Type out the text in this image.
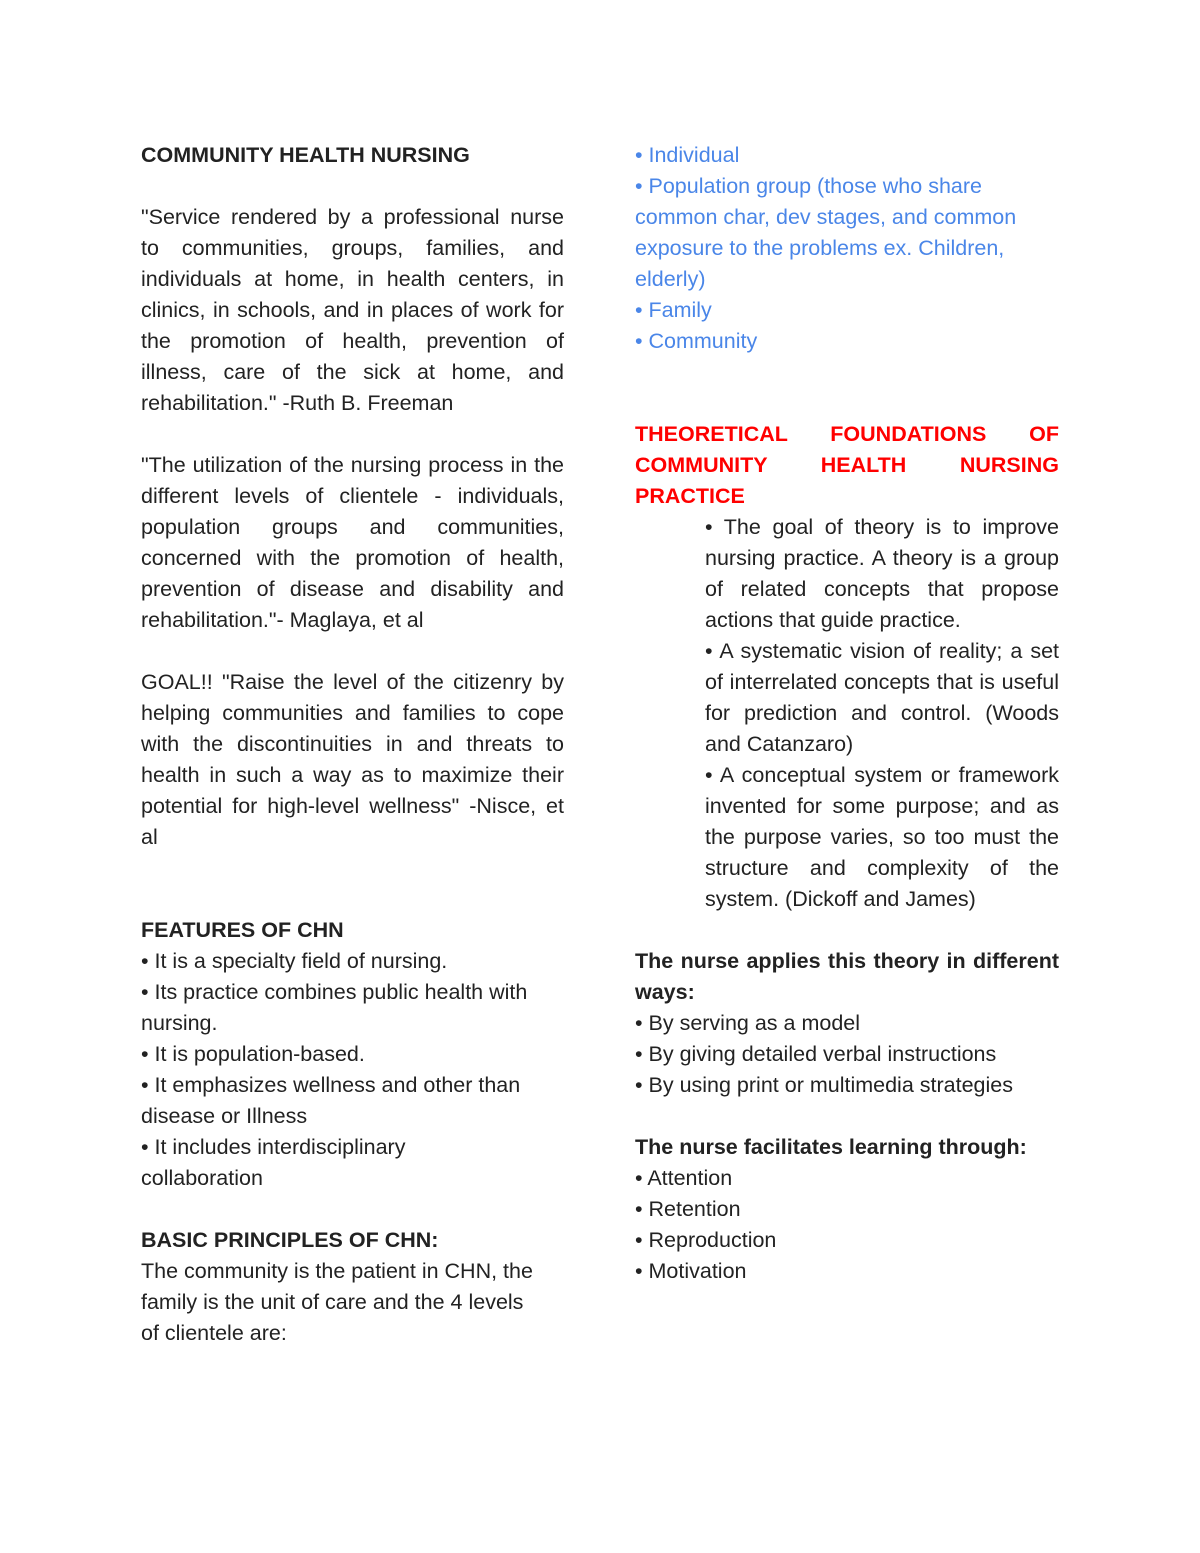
COMMUNITY HEALTH NURSING

"Service rendered by a professional nurse to communities, groups, families, and individuals at home, in health centers, in clinics, in schools, and in places of work for the promotion of health, prevention of illness, care of the sick at home, and rehabilitation." -Ruth B. Freeman

"The utilization of the nursing process in the different levels of clientele - individuals, population groups and communities, concerned with the promotion of health, prevention of disease and disability and rehabilitation."- Maglaya, et al

GOAL!! "Raise the level of the citizenry by helping communities and families to cope with the discontinuities in and threats to health in such a way as to maximize their potential for high-level wellness" -Nisce, et al

FEATURES OF CHN

• It is a specialty field of nursing.
• Its practice combines public health with nursing.
• It is population-based.
• It emphasizes wellness and other than disease or Illness
• It includes interdisciplinary collaboration

BASIC PRINCIPLES OF CHN:

The community is the patient in CHN, the family is the unit of care and the 4 levels of clientele are:

• Individual
• Population group (those who share common char, dev stages, and common exposure to the problems ex. Children, elderly)
• Family
• Community

THEORETICAL FOUNDATIONS OF COMMUNITY HEALTH NURSING PRACTICE

• The goal of theory is to improve nursing practice. A theory is a group of related concepts that propose actions that guide practice.

• A systematic vision of reality; a set of interrelated concepts that is useful for prediction and control. (Woods and Catanzaro)

• A conceptual system or framework invented for some purpose; and as the purpose varies, so too must the structure and complexity of the system. (Dickoff and James)

The nurse applies this theory in different ways:

• By serving as a model
• By giving detailed verbal instructions
• By using print or multimedia strategies

The nurse facilitates learning through:

• Attention
• Retention
• Reproduction
• Motivation
